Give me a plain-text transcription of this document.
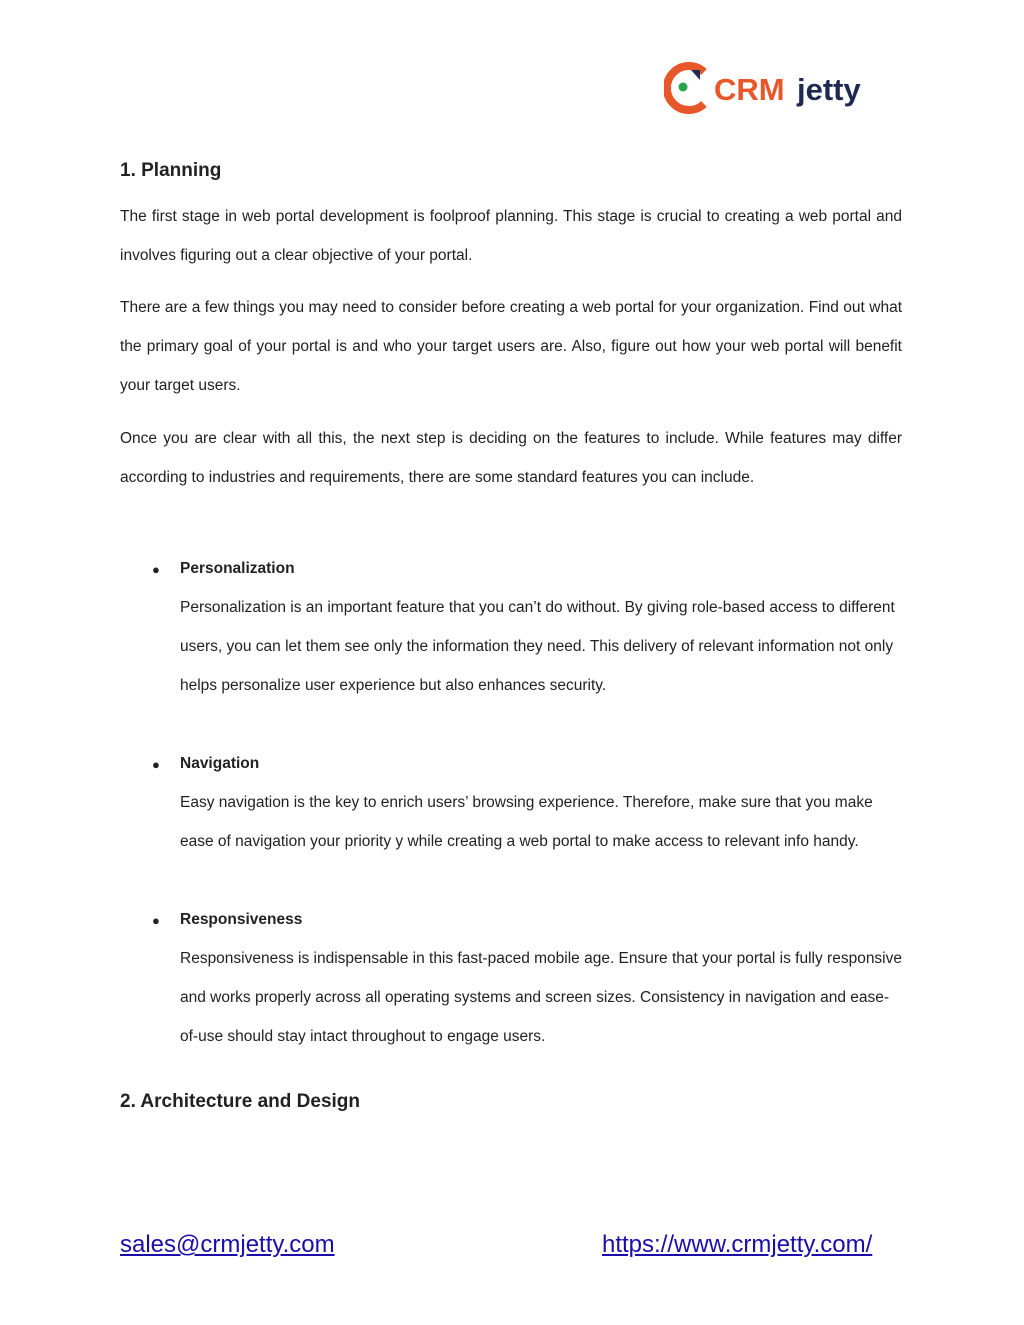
CRM jetty
1. Planning

The first stage in web portal development is foolproof planning. This stage is crucial to creating a web portal and involves figuring out a clear objective of your portal.

There are a few things you may need to consider before creating a web portal for your organization. Find out what the primary goal of your portal is and who your target users are. Also, figure out how your web portal will benefit your target users.

Once you are clear with all this, the next step is deciding on the features to include. While features may differ according to industries and requirements, there are some standard features you can include.

● Personalization

Personalization is an important feature that you can’t do without. By giving role-based access to different users, you can let them see only the information they need. This delivery of relevant information not only helps personalize user experience but also enhances security.

● Navigation

Easy navigation is the key to enrich users’ browsing experience. Therefore, make sure that you make ease of navigation your priority y while creating a web portal to make access to relevant info handy.

● Responsiveness

Responsiveness is indispensable in this fast-paced mobile age. Ensure that your portal is fully responsive and works properly across all operating systems and screen sizes. Consistency in navigation and ease-of-use should stay intact throughout to engage users.

2. Architecture and Design
sales@crmjetty.com	https://www.crmjetty.com/
